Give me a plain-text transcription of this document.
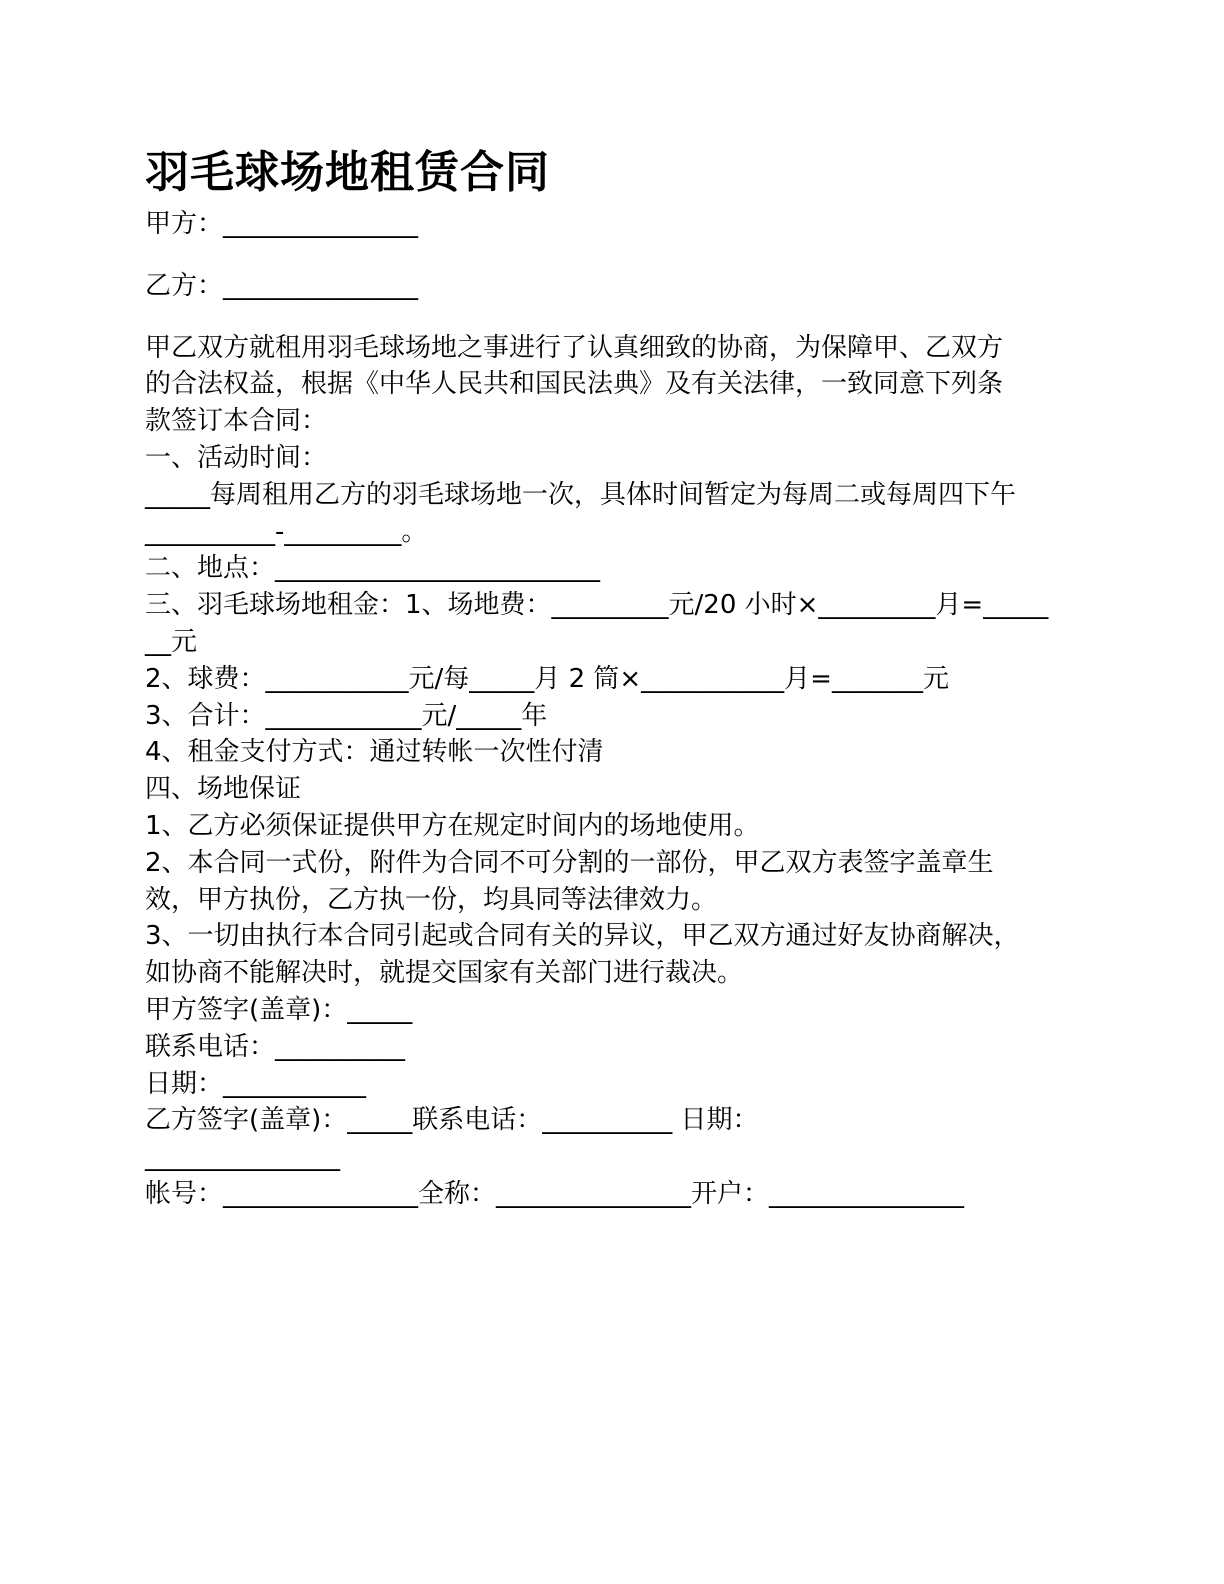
羽毛球场地租赁合同

甲方：_______________

乙方：_______________

甲乙双方就租用羽毛球场地之事进行了认真细致的协商，为保障甲、乙双方

的合法权益，根据《中华人民共和国民法典》及有关法律，一致同意下列条

款签订本合同：

一、活动时间：

_____每周租用乙方的羽毛球场地一次，具体时间暂定为每周二或每周四下午

__________-_________。

二、地点：_________________________

三、羽毛球场地租金：1、场地费：_________元/20 小时×_________月=_____

__元

2、球费：___________元/每_____月 2 筒×___________月=_______元

3、合计：____________元/_____年

4、租金支付方式：通过转帐一次性付清

四、场地保证

1、乙方必须保证提供甲方在规定时间内的场地使用。

2、本合同一式份，附件为合同不可分割的一部份，甲乙双方表签字盖章生

效，甲方执份，乙方执一份，均具同等法律效力。

3、一切由执行本合同引起或合同有关的异议，甲乙双方通过好友协商解决，

如协商不能解决时，就提交国家有关部门进行裁决。

甲方签字(盖章)：_____

联系电话：__________

日期：___________

乙方签字(盖章)：_____联系电话：__________ 日期：

_______________

帐号：_______________全称：_______________开户：_______________
